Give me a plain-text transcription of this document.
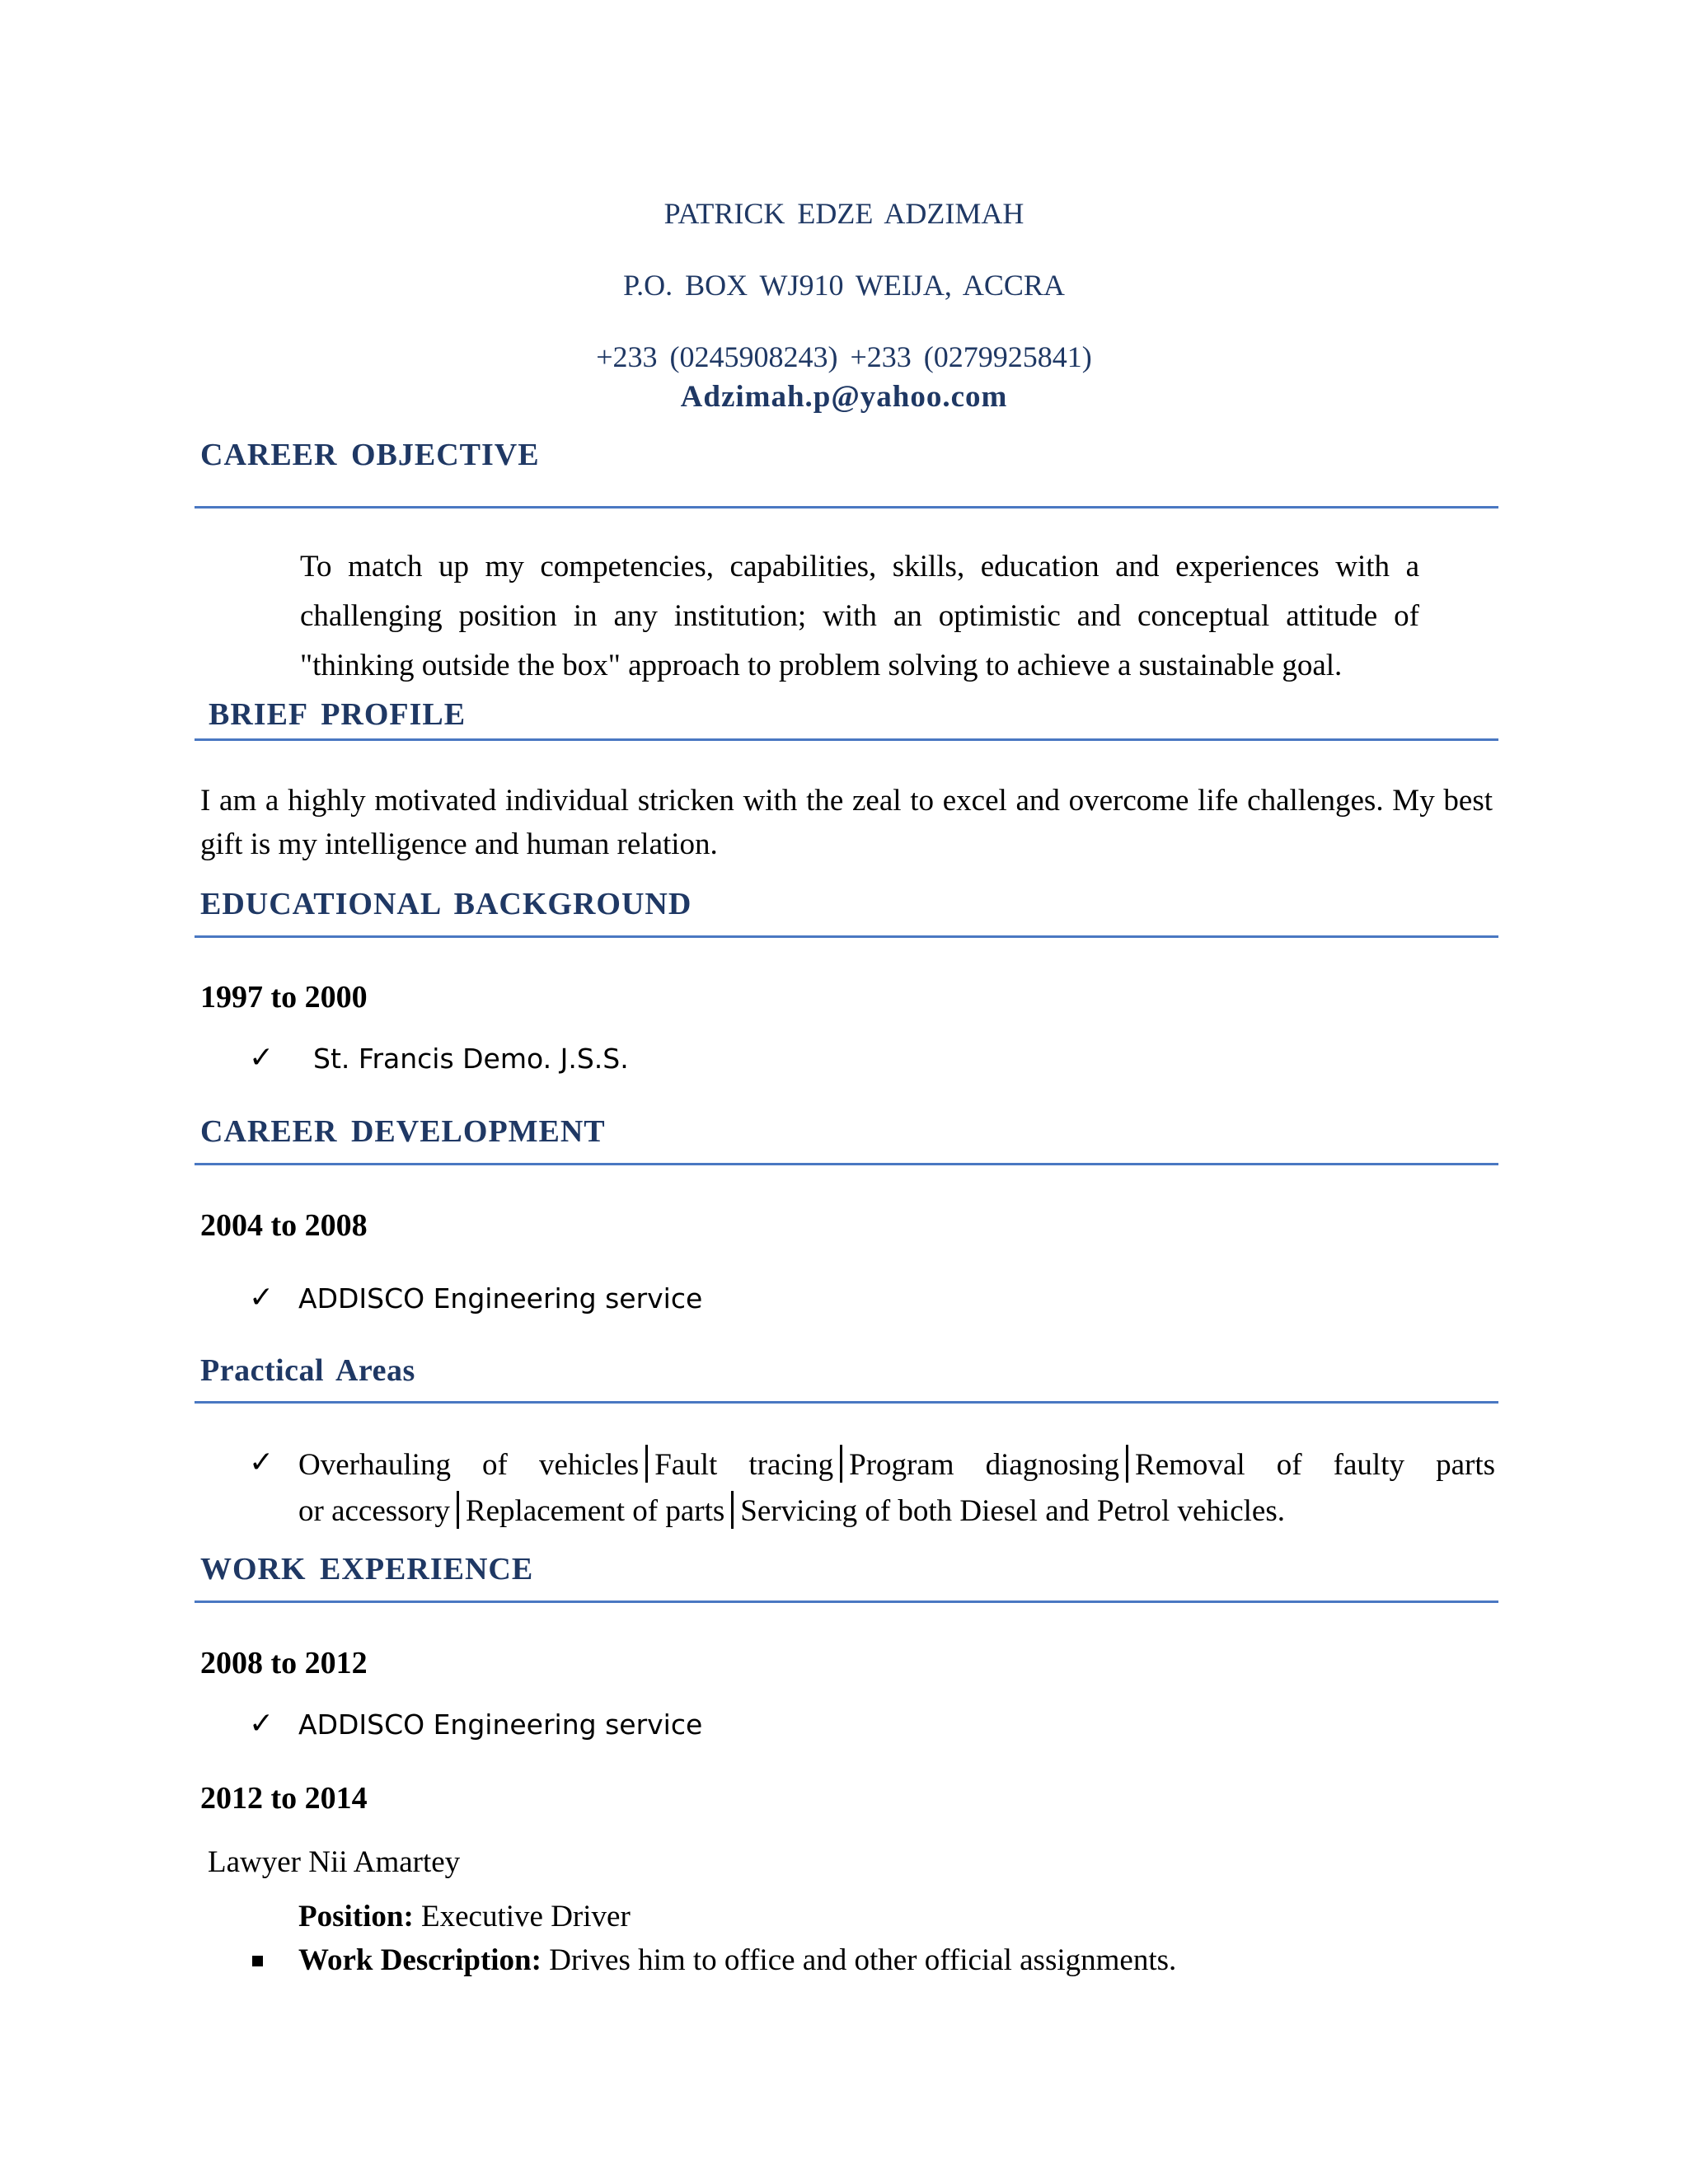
PATRICK EDZE ADZIMAH
P.O. BOX WJ910 WEIJA, ACCRA
+233 (0245908243) +233 (0279925841)
Adzimah.p@yahoo.com
CAREER OBJECTIVE
To match up my competencies, capabilities, skills, education and experiences with a challenging position in any institution; with an optimistic and conceptual attitude of "thinking outside the box" approach to problem solving to achieve a sustainable goal.
BRIEF PROFILE
I am a highly motivated individual stricken with the zeal to excel and overcome life challenges. My best gift is my intelligence and human relation.
EDUCATIONAL BACKGROUND
1997 to 2000
✓ St. Francis Demo. J.S.S.
CAREER DEVELOPMENT
2004 to 2008
✓ ADDISCO Engineering service
Practical Areas
✓ Overhauling of vehicles Fault tracing Program diagnosing Removal of faulty parts
or accessory Replacement of parts Servicing of both Diesel and Petrol vehicles.
WORK EXPERIENCE
2008 to 2012
✓ ADDISCO Engineering service
2012 to 2014
Lawyer Nii Amartey
Position: Executive Driver
Work Description: Drives him to office and other official assignments.
